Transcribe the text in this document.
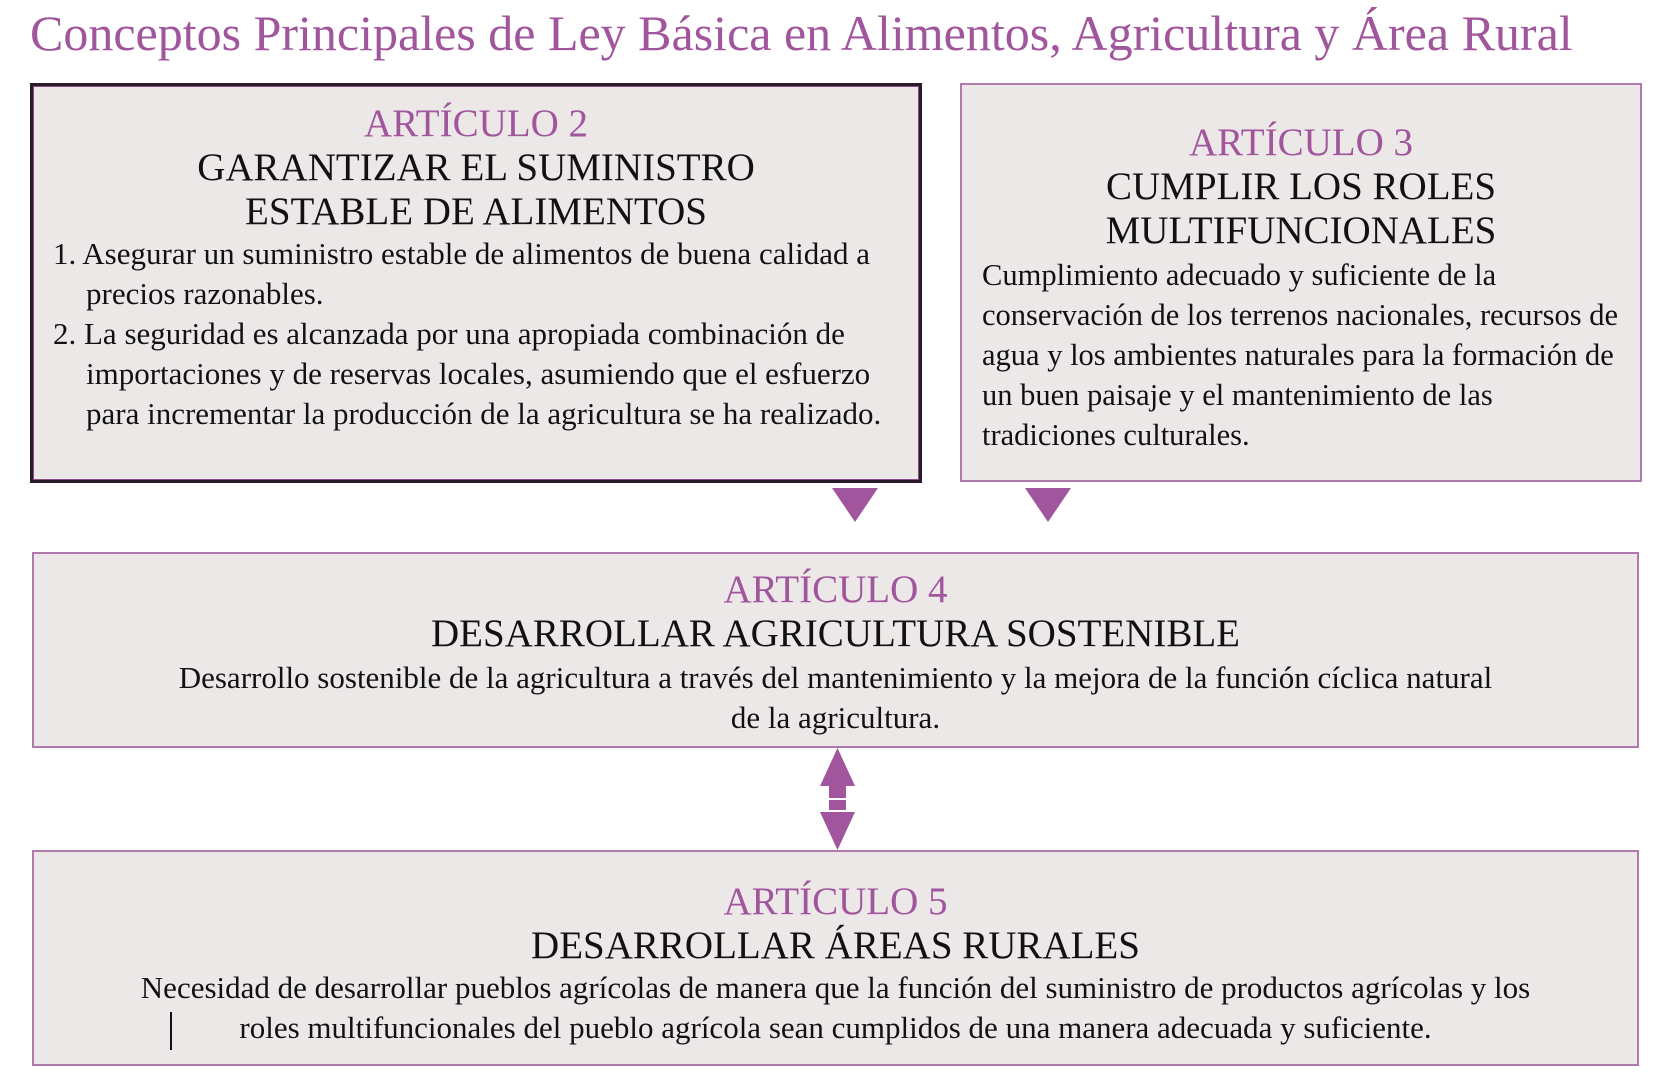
Conceptos Principales de Ley Básica en Alimentos, Agricultura y Área Rural
ARTÍCULO 2
GARANTIZAR EL SUMINISTRO
ESTABLE DE ALIMENTOS
1. Asegurar un suministro estable de alimentos de buena calidad a precios razonables.
2. La seguridad es alcanzada por una apropiada combinación de importaciones y de reservas locales, asumiendo que el esfuerzo para incrementar la producción de la agricultura se ha realizado.
ARTÍCULO 3
CUMPLIR LOS ROLES
MULTIFUNCIONALES
Cumplimiento adecuado y suficiente de la conservación de los terrenos nacionales, recursos de agua y los ambientes naturales para la formación de un buen paisaje y el mantenimiento de las tradiciones culturales.
ARTÍCULO 4
DESARROLLAR AGRICULTURA SOSTENIBLE
Desarrollo sostenible de la agricultura a través del mantenimiento y la mejora de la función cíclica natural
de la agricultura.
ARTÍCULO 5
DESARROLLAR ÁREAS RURALES
Necesidad de desarrollar pueblos agrícolas de manera que la función del suministro de productos agrícolas y los
roles multifuncionales del pueblo agrícola sean cumplidos de una manera adecuada y suficiente.
